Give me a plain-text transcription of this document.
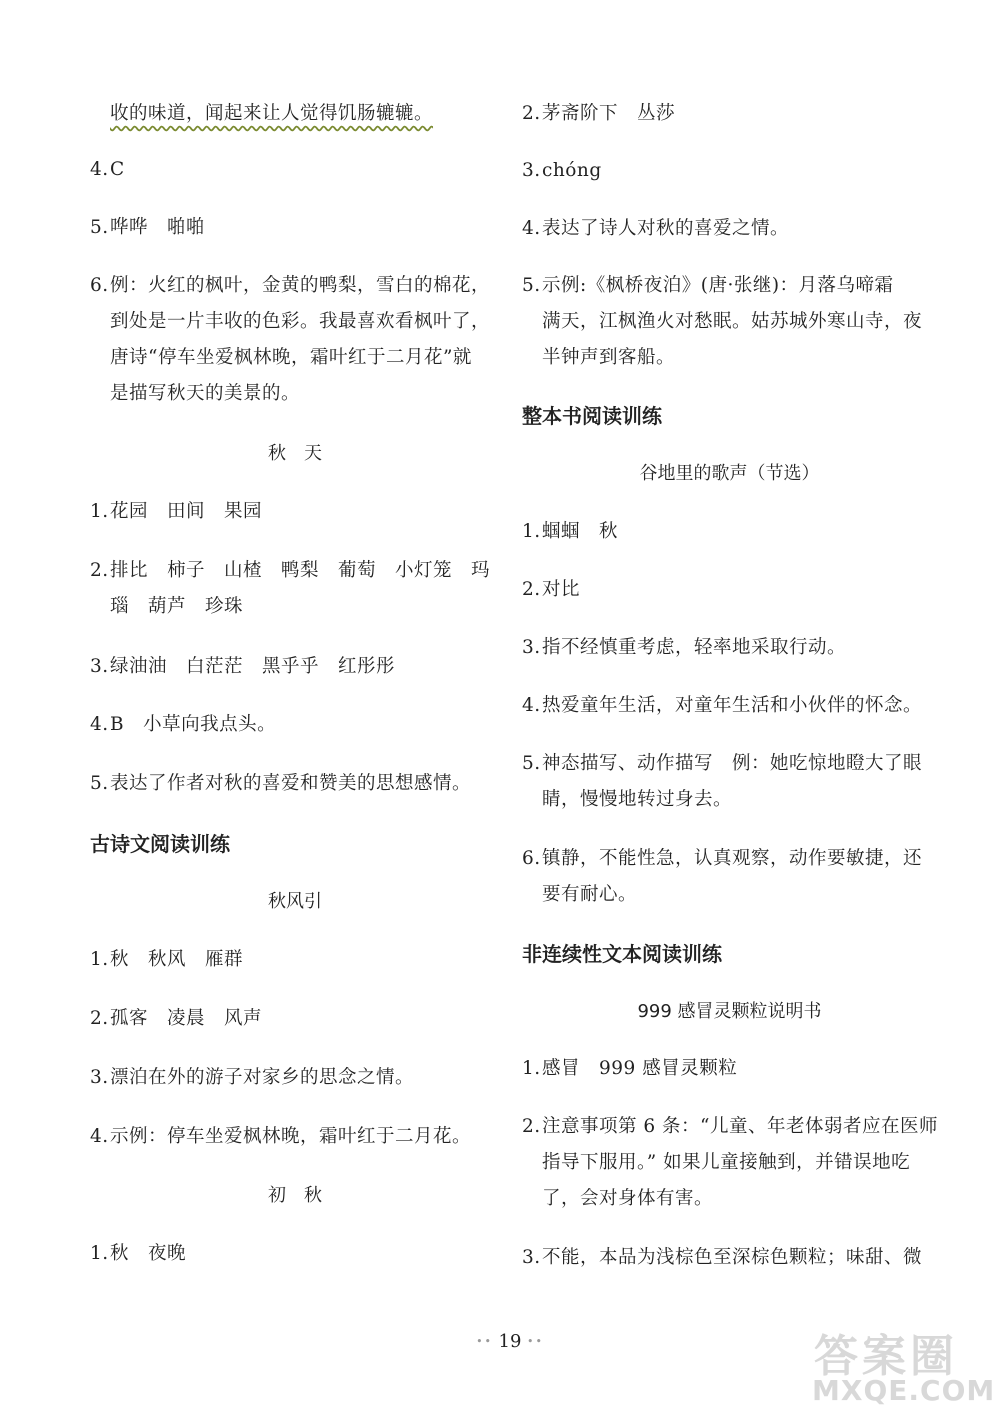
收的味道，闻起来让人觉得饥肠辘辘。
4.C
5.哗哗　啪啪
6.例：火红的枫叶，金黄的鸭梨，雪白的棉花，
到处是一片丰收的色彩。我最喜欢看枫叶了，
唐诗“停车坐爱枫林晚，霜叶红于二月花”就
是描写秋天的美景的。
秋　天
1.花园　田间　果园
2.排比　柿子　山楂　鸭梨　葡萄　小灯笼　玛
瑙　葫芦　珍珠
3.绿油油　白茫茫　黑乎乎　红彤彤
4.B　小草向我点头。
5.表达了作者对秋的喜爱和赞美的思想感情。
古诗文阅读训练
秋风引
1.秋　秋风　雁群
2.孤客　凌晨　风声
3.漂泊在外的游子对家乡的思念之情。
4.示例：停车坐爱枫林晚，霜叶红于二月花。
初　秋
1.秋　夜晚
2.茅斋阶下　丛莎
3.chóng
4.表达了诗人对秋的喜爱之情。
5.示例:《枫桥夜泊》(唐·张继)：月落乌啼霜
满天，江枫渔火对愁眠。姑苏城外寒山寺，夜
半钟声到客船。
整本书阅读训练
谷地里的歌声（节选）
1.蝈蝈　秋
2.对比
3.指不经慎重考虑，轻率地采取行动。
4.热爱童年生活，对童年生活和小伙伴的怀念。
5.神态描写、动作描写　例：她吃惊地瞪大了眼
睛，慢慢地转过身去。
6.镇静，不能性急，认真观察，动作要敏捷，还
要有耐心。
非连续性文本阅读训练
999 感冒灵颗粒说明书
1.感冒　999 感冒灵颗粒
2.注意事项第 6 条：“儿童、年老体弱者应在医师
指导下服用。” 如果儿童接触到，并错误地吃
了，会对身体有害。
3.不能，本品为浅棕色至深棕色颗粒；味甜、微
•• 19 ••	答案圈
MXQE.COM
